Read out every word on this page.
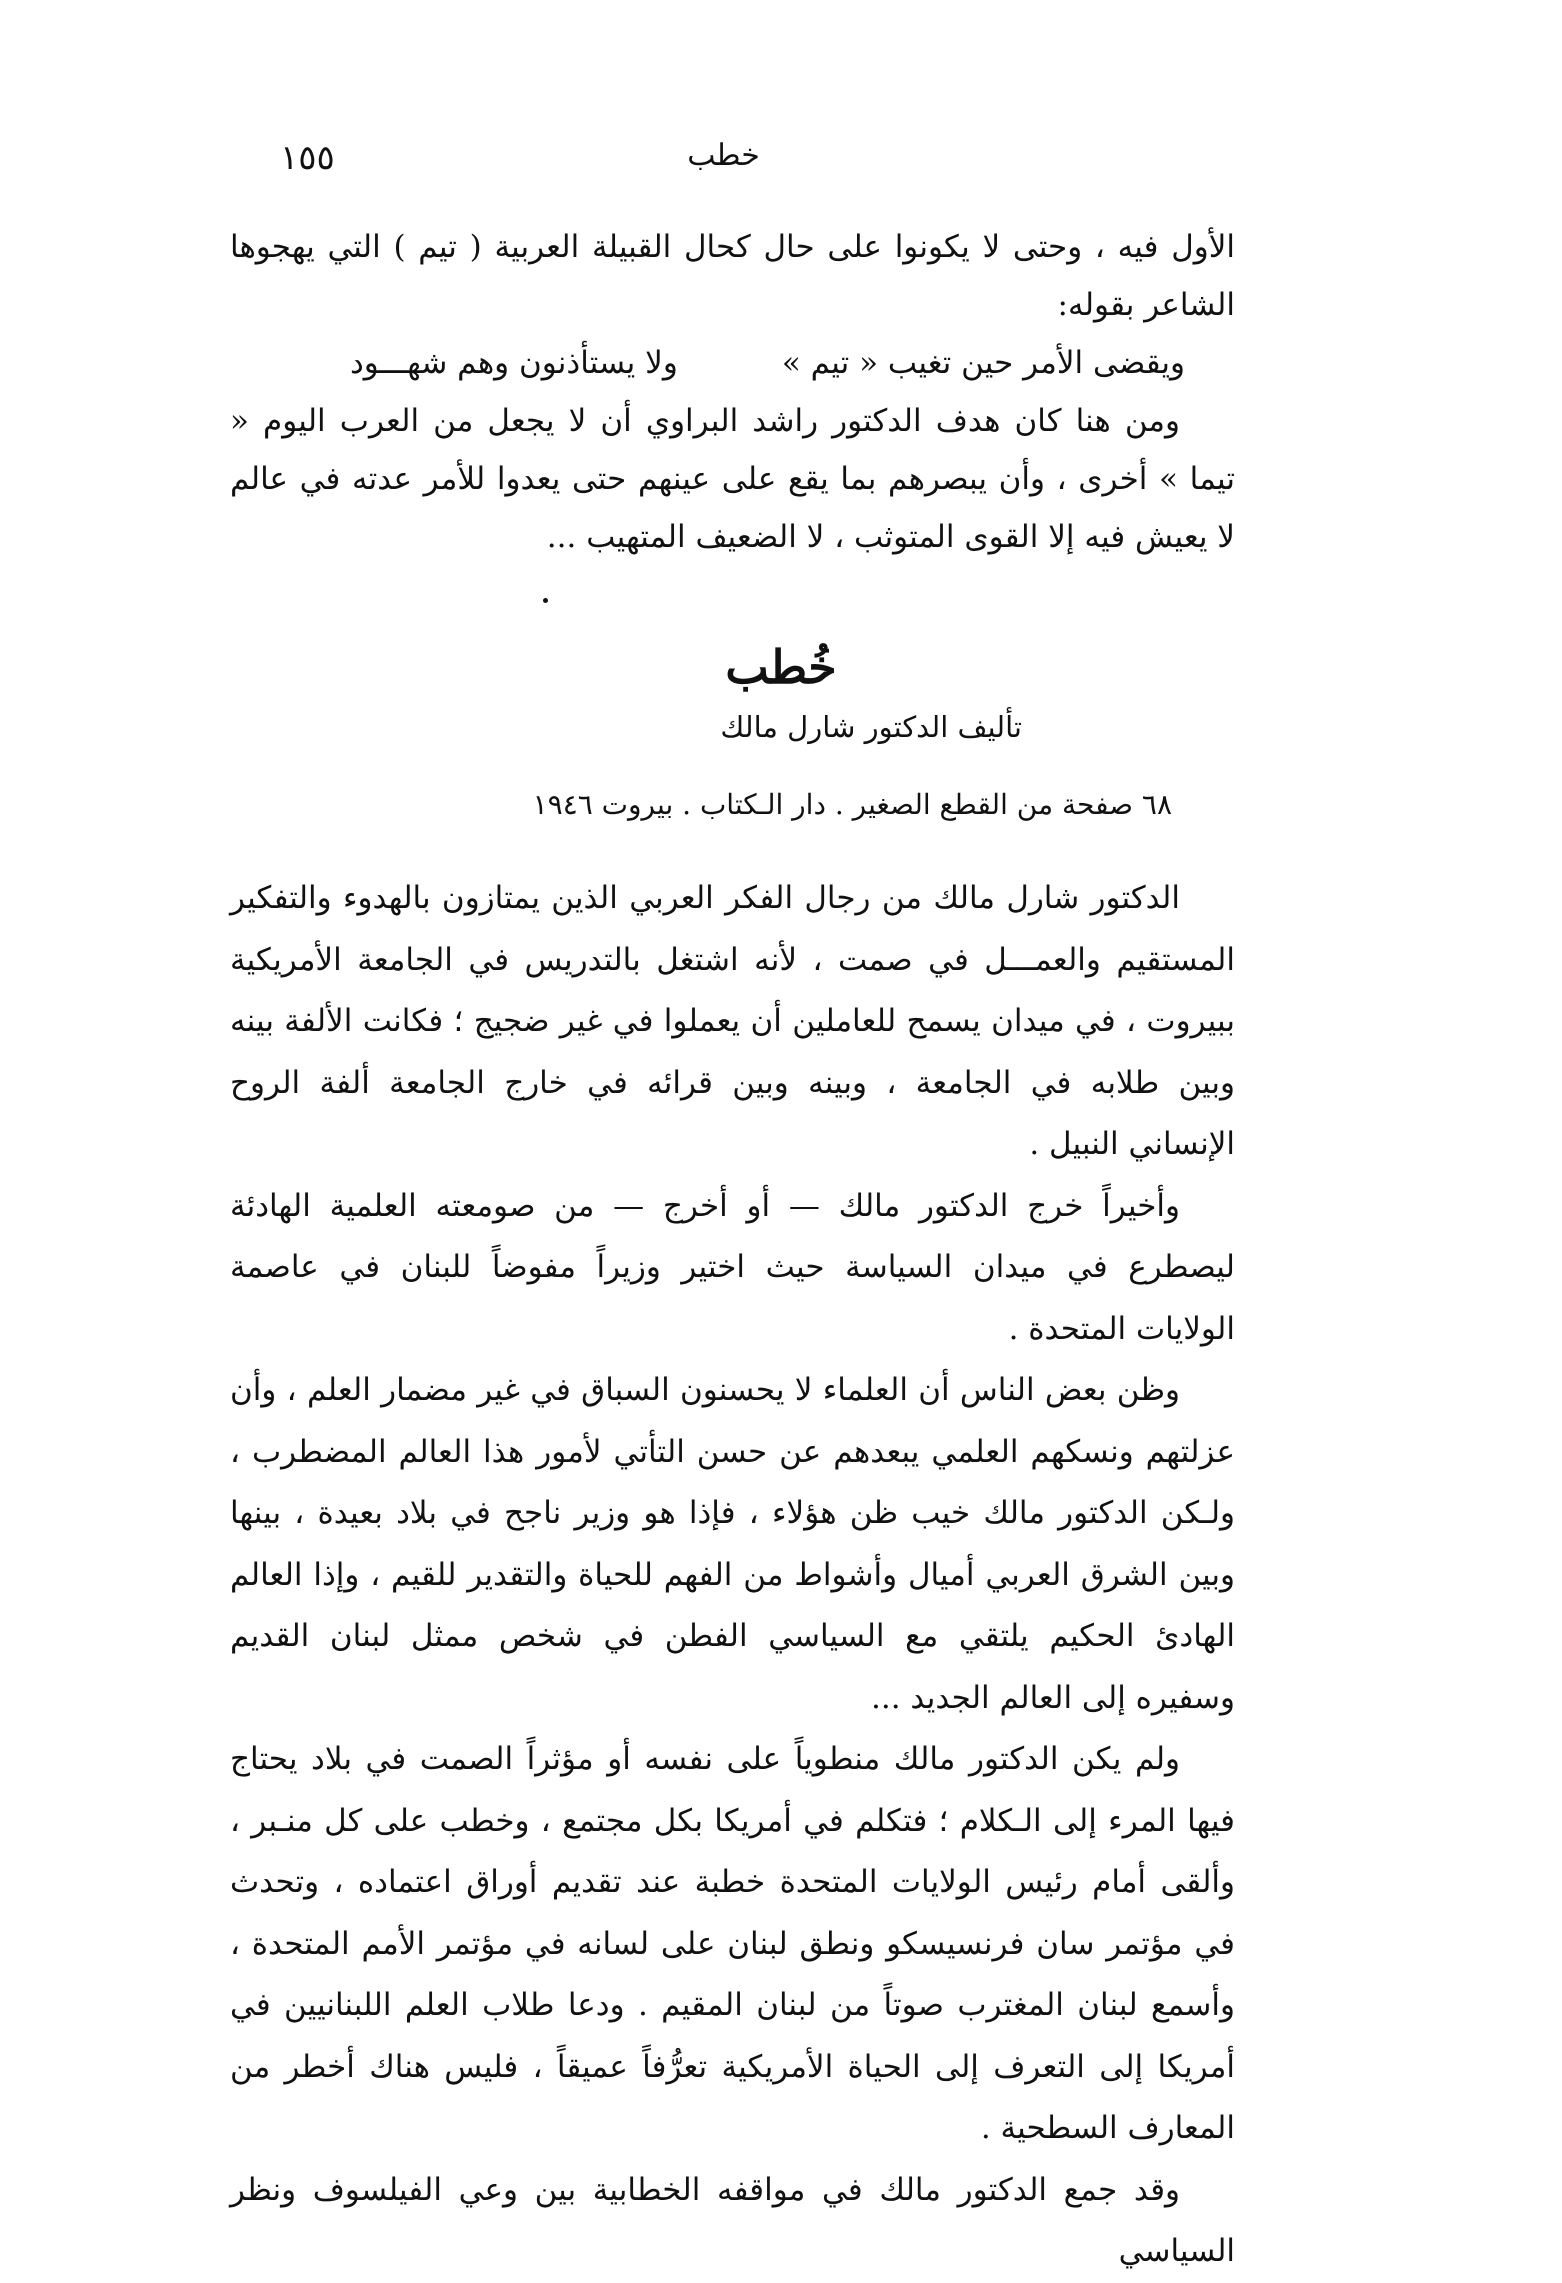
١٥٥	خطب

الأول فيه ، وحتى لا يكونوا على حال كحال القبيلة العربية ( تيم ) التي يهجوها الشاعر بقوله:

ويقضى الأمر حين تغيب « تيم »
ولا يستأذنون وهم شهـــود

ومن هنا كان هدف الدكتور راشد البراوي أن لا يجعل من العرب اليوم « تيما » أخرى ، وأن يبصرهم بما يقع على عينهم حتى يعدوا للأمر عدته في عالم لا يعيش فيه إلا القوى المتوثب ، لا الضعيف المتهيب ...

خُطب
تأليف الدكتور شارل مالك
٦٨ صفحة من القطع الصغير . دار الـكتاب . بيروت ١٩٤٦

الدكتور شارل مالك من رجال الفكر العربي الذين يمتازون بالهدوء والتفكير المستقيم والعمـــل في صمت ، لأنه اشتغل بالتدريس في الجامعة الأمريكية ببيروت ، في ميدان يسمح للعاملين أن يعملوا في غير ضجيج ؛ فكانت الألفة بينه وبين طلابه في الجامعة ، وبينه وبين قرائه في خارج الجامعة ألفة الروح الإنساني النبيل .

وأخيراً خرج الدكتور مالك — أو أخرج — من صومعته العلمية الهادئة ليصطرع في ميدان السياسة حيث اختير وزيراً مفوضاً للبنان في عاصمة الولايات المتحدة .

وظن بعض الناس أن العلماء لا يحسنون السباق في غير مضمار العلم ، وأن عزلتهم ونسكهم العلمي يبعدهم عن حسن التأتي لأمور هذا العالم المضطرب ، ولـكن الدكتور مالك خيب ظن هؤلاء ، فإذا هو وزير ناجح في بلاد بعيدة ، بينها وبين الشرق العربي أميال وأشواط من الفهم للحياة والتقدير للقيم ، وإذا العالم الهادئ الحكيم يلتقي مع السياسي الفطن في شخص ممثل لبنان القديم وسفيره إلى العالم الجديد ...

ولم يكن الدكتور مالك منطوياً على نفسه أو مؤثراً الصمت في بلاد يحتاج فيها المرء إلى الـكلام ؛ فتكلم في أمريكا بكل مجتمع ، وخطب على كل منـبر ، وألقى أمام رئيس الولايات المتحدة خطبة عند تقديم أوراق اعتماده ، وتحدث في مؤتمر سان فرنسيسكو ونطق لبنان على لسانه في مؤتمر الأمم المتحدة ، وأسمع لبنان المغترب صوتاً من لبنان المقيم . ودعا طلاب العلم اللبنانيين في أمريكا إلى التعرف إلى الحياة الأمريكية تعرُّفاً عميقاً ، فليس هناك أخطر من المعارف السطحية .

وقد جمع الدكتور مالك في مواقفه الخطابية بين وعي الفيلسوف ونظر السياسي
